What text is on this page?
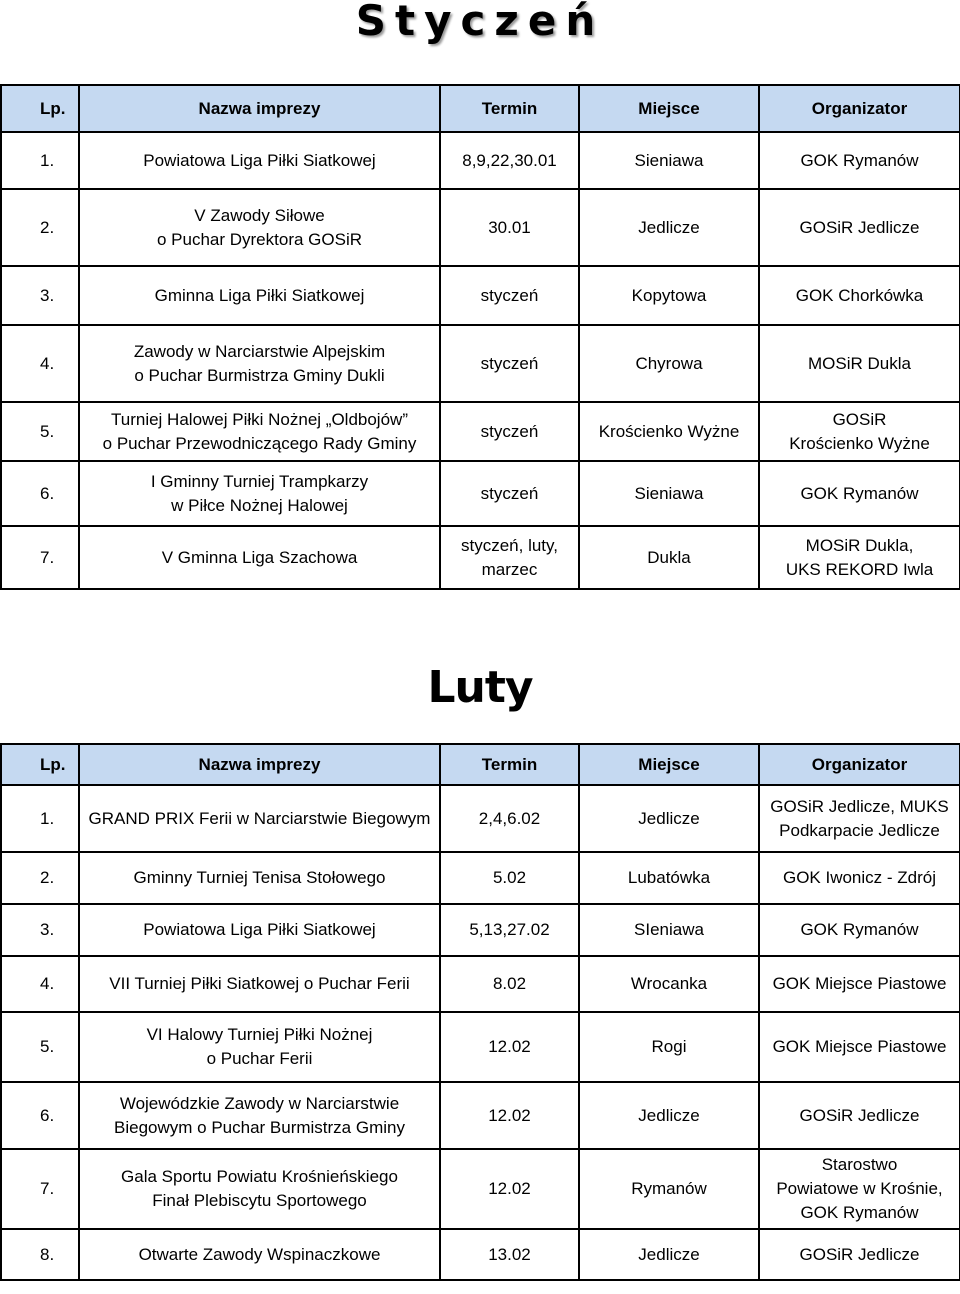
Styczeń
Lp.	Nazwa imprezy	Termin	Miejsce	Organizator
1.	Powiatowa Liga Piłki Siatkowej	8,9,22,30.01	Sieniawa	GOK Rymanów
2.	V Zawody Siłowe
o Puchar Dyrektora GOSiR	30.01	Jedlicze	GOSiR Jedlicze
3.	Gminna Liga Piłki Siatkowej	styczeń	Kopytowa	GOK Chorkówka
4.	Zawody w Narciarstwie Alpejskim
o Puchar Burmistrza Gminy Dukli	styczeń	Chyrowa	MOSiR Dukla
5.	Turniej Halowej Piłki Nożnej „Oldbojów”
o Puchar Przewodniczącego Rady Gminy	styczeń	Krościenko Wyżne	GOSiR
Krościenko Wyżne
6.	I Gminny Turniej Trampkarzy
w Piłce Nożnej Halowej	styczeń	Sieniawa	GOK Rymanów
7.	V Gminna Liga Szachowa	styczeń, luty,
marzec	Dukla	MOSiR Dukla,
UKS REKORD Iwla
Luty
Lp.	Nazwa imprezy	Termin	Miejsce	Organizator
1.	GRAND PRIX Ferii w Narciarstwie Biegowym	2,4,6.02	Jedlicze	GOSiR Jedlicze, MUKS
Podkarpacie Jedlicze
2.	Gminny Turniej Tenisa Stołowego	5.02	Lubatówka	GOK Iwonicz - Zdrój
3.	Powiatowa Liga Piłki Siatkowej	5,13,27.02	SIeniawa	GOK Rymanów
4.	VII Turniej Piłki Siatkowej o Puchar Ferii	8.02	Wrocanka	GOK Miejsce Piastowe
5.	VI Halowy Turniej Piłki Nożnej
o Puchar Ferii	12.02	Rogi	GOK Miejsce Piastowe
6.	Wojewódzkie Zawody w Narciarstwie
Biegowym o Puchar Burmistrza Gminy	12.02	Jedlicze	GOSiR Jedlicze
7.	Gala Sportu Powiatu Krośnieńskiego
Finał Plebiscytu Sportowego	12.02	Rymanów	Starostwo
Powiatowe w Krośnie,
GOK Rymanów
8.	Otwarte Zawody Wspinaczkowe	13.02	Jedlicze	GOSiR Jedlicze
